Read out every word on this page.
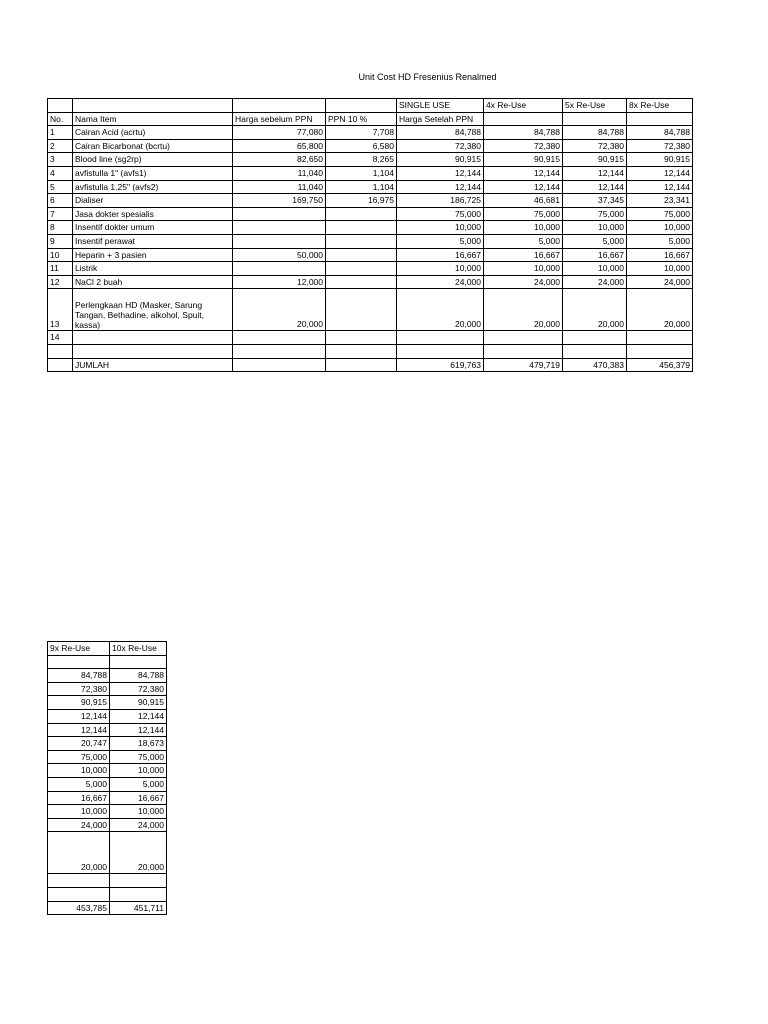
Unit Cost HD Fresenius Renalmed
				SINGLE USE	4x Re-Use	5x Re-Use	8x Re-Use
No.	Nama Item	Harga sebelum PPN	PPN 10 %	Harga Setelah PPN			
1	Cairan Acid (acrtu)	77,080	7,708	84,788	84,788	84,788	84,788
2	Cairan Bicarbonat (bcrtu)	65,800	6,580	72,380	72,380	72,380	72,380
3	Blood line (sg2rp)	82,650	8,265	90,915	90,915	90,915	90,915
4	avfistulla 1" (avfs1)	11,040	1,104	12,144	12,144	12,144	12,144
5	avfistulla 1.25" (avfs2)	11,040	1,104	12,144	12,144	12,144	12,144
6	Dialiser	169,750	16,975	186,725	46,681	37,345	23,341
7	Jasa dokter spesialis			75,000	75,000	75,000	75,000
8	Insentif dokter umum			10,000	10,000	10,000	10,000
9	Insentif perawat			5,000	5,000	5,000	5,000
10	Heparin + 3 pasien	50,000		16,667	16,667	16,667	16,667
11	Listrik			10,000	10,000	10,000	10,000
12	NaCl 2 buah	12,000		24,000	24,000	24,000	24,000
13	Perlengkaan HD (Masker, Sarung Tangan, Bethadine, alkohol, Spuit, kassa)	20,000		20,000	20,000	20,000	20,000
14							

	JUMLAH			619,763	479,719	470,383	456,379
9x Re-Use	10x Re-Use

84,788	84,788
72,380	72,380
90,915	90,915
12,144	12,144
12,144	12,144
20,747	18,673
75,000	75,000
10,000	10,000
5,000	5,000
16,667	16,667
10,000	10,000
24,000	24,000
20,000	20,000

453,785	451,711
